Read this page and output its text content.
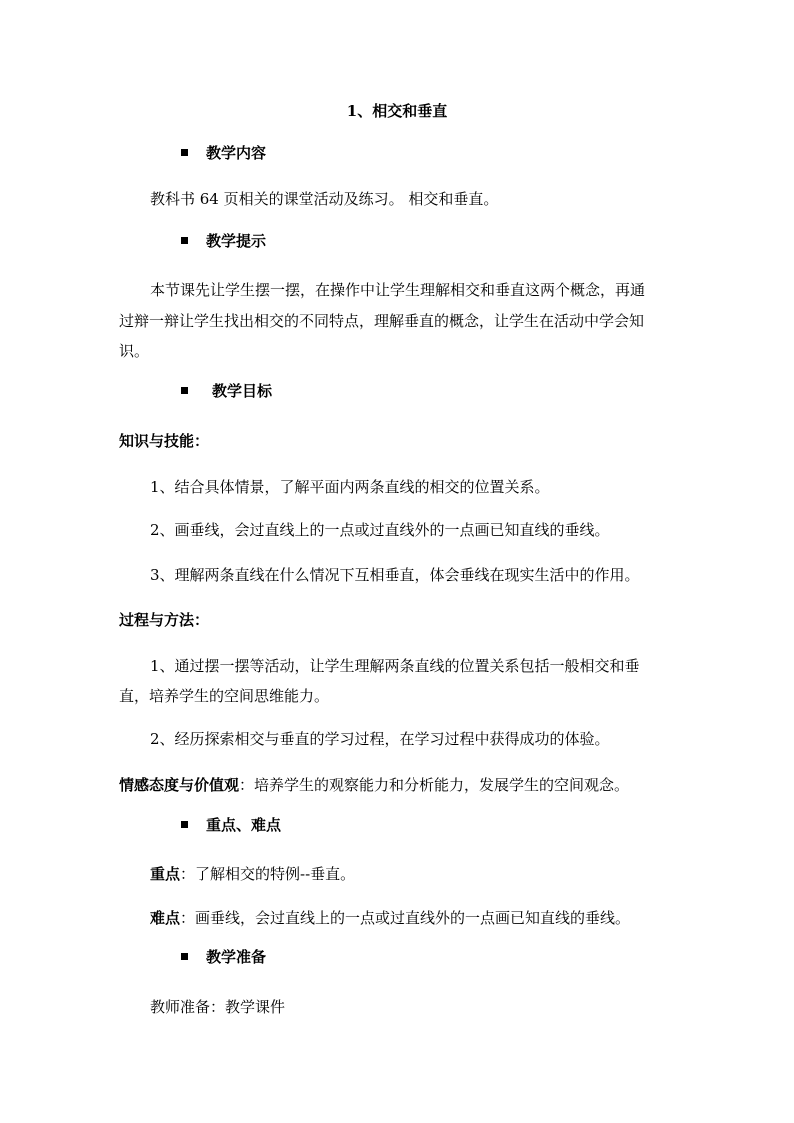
1、相交和垂直
教学内容
教科书 64 页相关的课堂活动及练习。 相交和垂直。
教学提示
本节课先让学生摆一摆，在操作中让学生理解相交和垂直这两个概念，再通
过辩一辩让学生找出相交的不同特点，理解垂直的概念，让学生在活动中学会知
识。
教学目标
知识与技能：
1、结合具体情景，了解平面内两条直线的相交的位置关系。
2、画垂线，会过直线上的一点或过直线外的一点画已知直线的垂线。
3、理解两条直线在什么情况下互相垂直，体会垂线在现实生活中的作用。
过程与方法：
1、通过摆一摆等活动，让学生理解两条直线的位置关系包括一般相交和垂
直，培养学生的空间思维能力。
2、经历探索相交与垂直的学习过程，在学习过程中获得成功的体验。
情感态度与价值观：培养学生的观察能力和分析能力，发展学生的空间观念。
重点、难点
重点：了解相交的特例--垂直。
难点：画垂线，会过直线上的一点或过直线外的一点画已知直线的垂线。
教学准备
教师准备：教学课件
